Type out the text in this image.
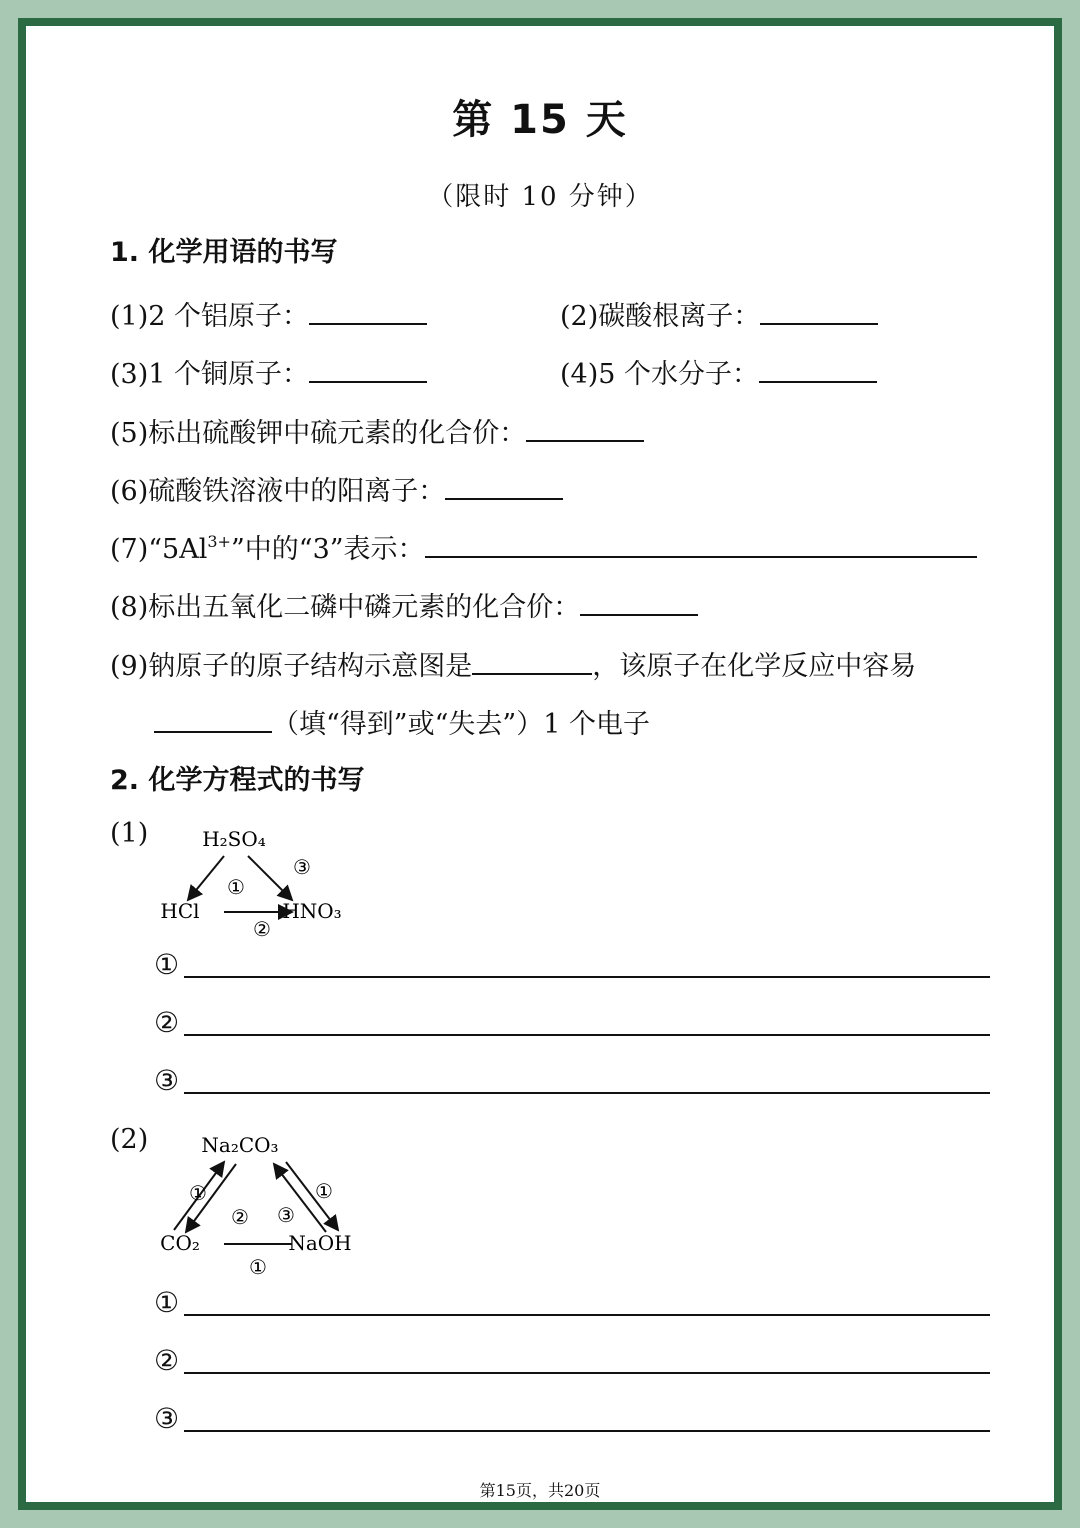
第 15 天
（限时 10 分钟）
1. 化学用语的书写
(1)2 个铝原子：	(2)碳酸根离子：
(3)1 个铜原子：	(4)5 个水分子：
(5)标出硫酸钾中硫元素的化合价：
(6)硫酸铁溶液中的阳离子：
$(7)“5Al^{3+}$”中的“3”表示：
(8)标出五氧化二磷中磷元素的化合价：
(9)钠原子的原子结构示意图是	，该原子在化学反应中容易
（填“得到”或“失去”）1 个电子
2. 化学方程式的书写
(1)	H₂SO₄
HCl	HNO₃
①
②
③
①
②
③
(2)	Na₂CO₃
CO₂	NaOH
①
② ③
①
①
①
②
③
第15页，共20页
